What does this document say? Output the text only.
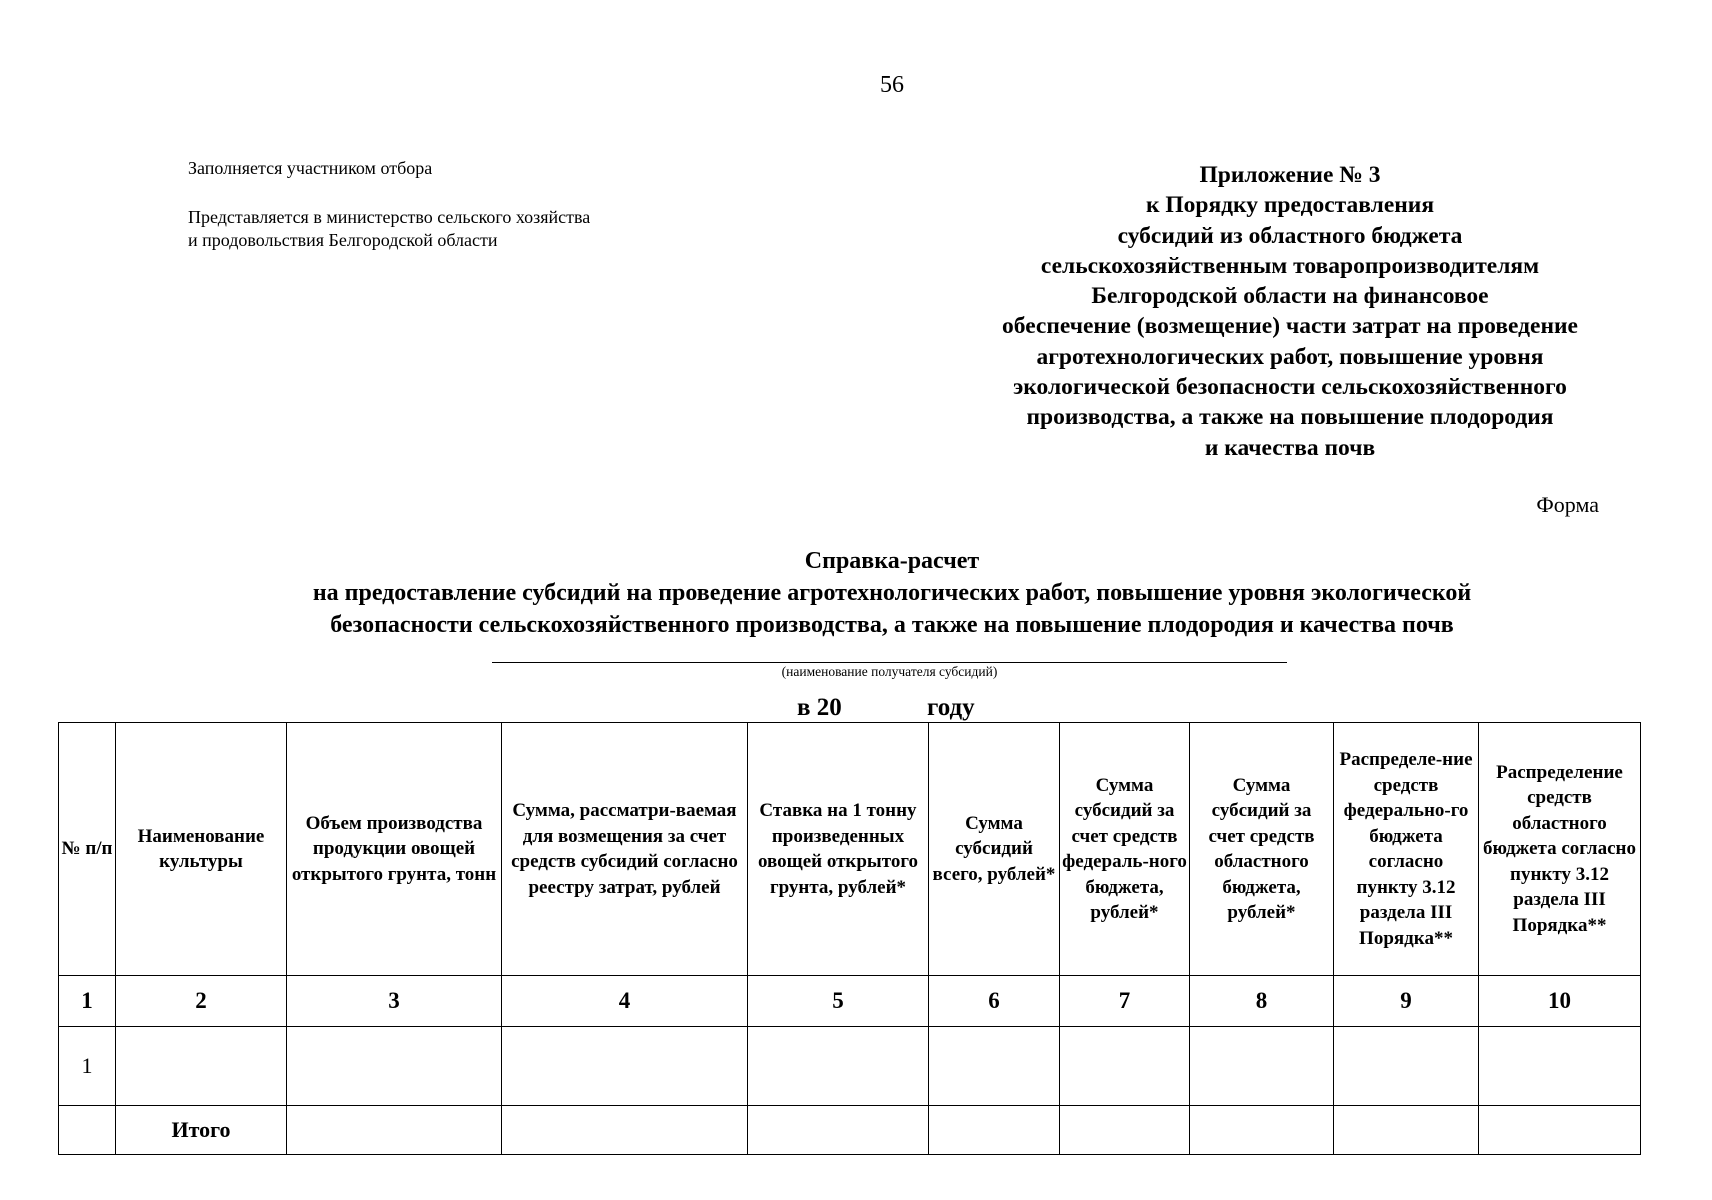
56
Заполняется участником отбора
Представляется в министерство сельского хозяйства
и продовольствия Белгородской области
Приложение № 3
к Порядку предоставления
субсидий из областного бюджета
сельскохозяйственным товаропроизводителям
Белгородской области на финансовое
обеспечение (возмещение) части затрат на проведение
агротехнологических работ, повышение уровня
экологической безопасности сельскохозяйственного
производства, а также на повышение плодородия
и качества почв
Форма
Справка-расчет
на предоставление субсидий на проведение агротехнологических работ, повышение уровня экологической
безопасности сельскохозяйственного производства, а также на повышение плодородия и качества почв
(наименование получателя субсидий)
в 20	году
№ п/п	Наименование культуры	Объем производства продукции овощей открытого грунта, тонн	Сумма, рассматри-ваемая для возмещения за счет средств субсидий согласно реестру затрат, рублей	Ставка на 1 тонну произведенных овощей открытого грунта, рублей*	Сумма субсидий всего, рублей*	Сумма субсидий за счет средств федераль-ного бюджета, рублей*	Сумма субсидий за счет средств областного бюджета, рублей*	Распределе-ние средств федерально-го бюджета согласно пункту 3.12 раздела III Порядка**	Распределение средств областного бюджета согласно пункту 3.12 раздела III Порядка**
1	2	3	4	5	6	7	8	9	10
1									
	Итого								
